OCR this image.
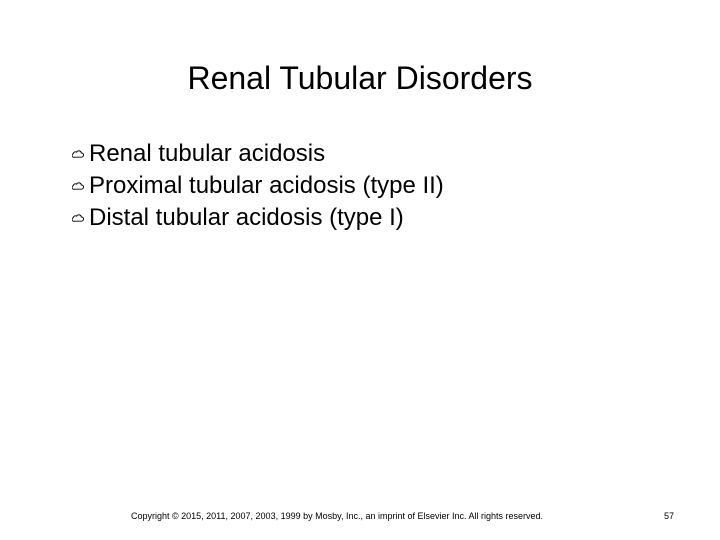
Renal Tubular Disorders
Renal tubular acidosis
Proximal tubular acidosis (type II)
Distal tubular acidosis (type I)
Copyright © 2015, 2011, 2007, 2003, 1999 by Mosby, Inc., an imprint of Elsevier Inc. All rights reserved.	57
